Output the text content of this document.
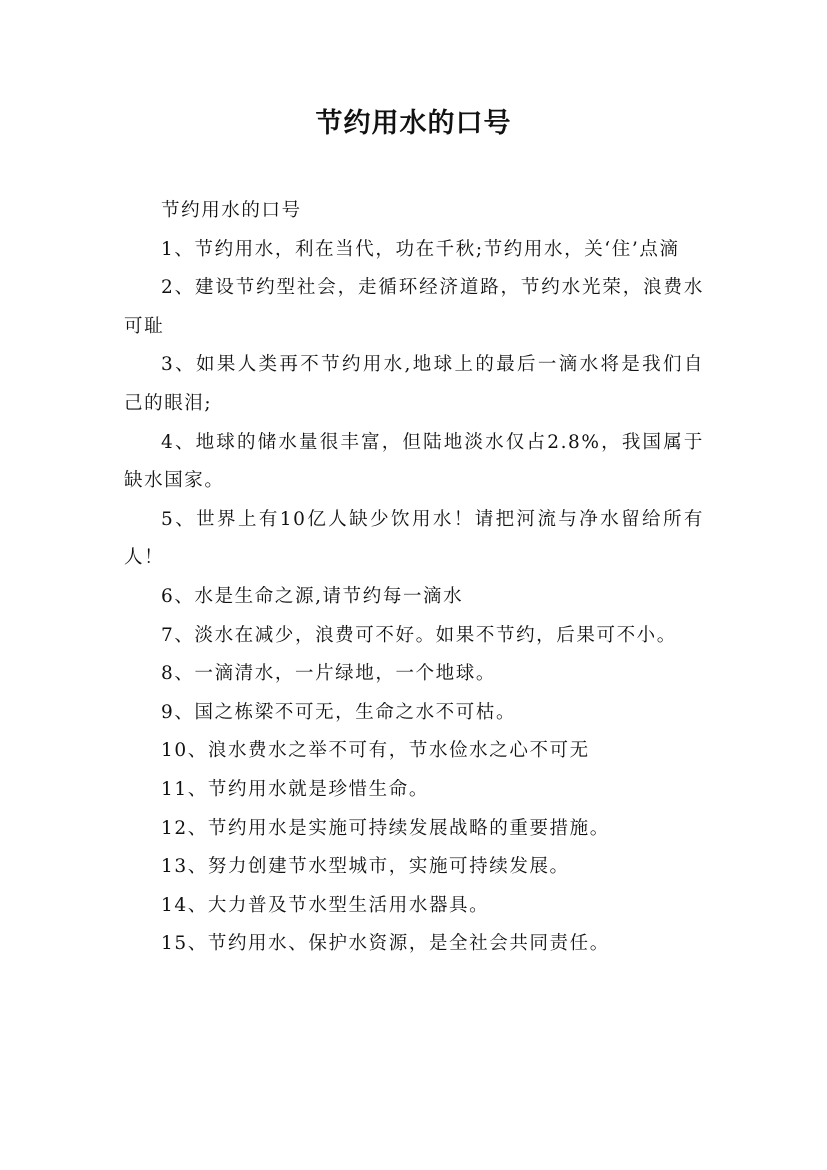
节约用水的口号

节约用水的口号

1、节约用水，利在当代，功在千秋;节约用水，关‘住’点滴

2、建设节约型社会，走循环经济道路，节约水光荣，浪费水可耻

3、如果人类再不节约用水,地球上的最后一滴水将是我们自己的眼泪;

4、地球的储水量很丰富，但陆地淡水仅占2.8%，我国属于缺水国家。

5、世界上有10亿人缺少饮用水！请把河流与净水留给所有人！

6、水是生命之源,请节约每一滴水

7、淡水在减少，浪费可不好。如果不节约，后果可不小。

8、一滴清水，一片绿地，一个地球。

9、国之栋梁不可无，生命之水不可枯。

10、浪水费水之举不可有，节水俭水之心不可无

11、节约用水就是珍惜生命。

12、节约用水是实施可持续发展战略的重要措施。

13、努力创建节水型城市，实施可持续发展。

14、大力普及节水型生活用水器具。

15、节约用水、保护水资源，是全社会共同责任。
